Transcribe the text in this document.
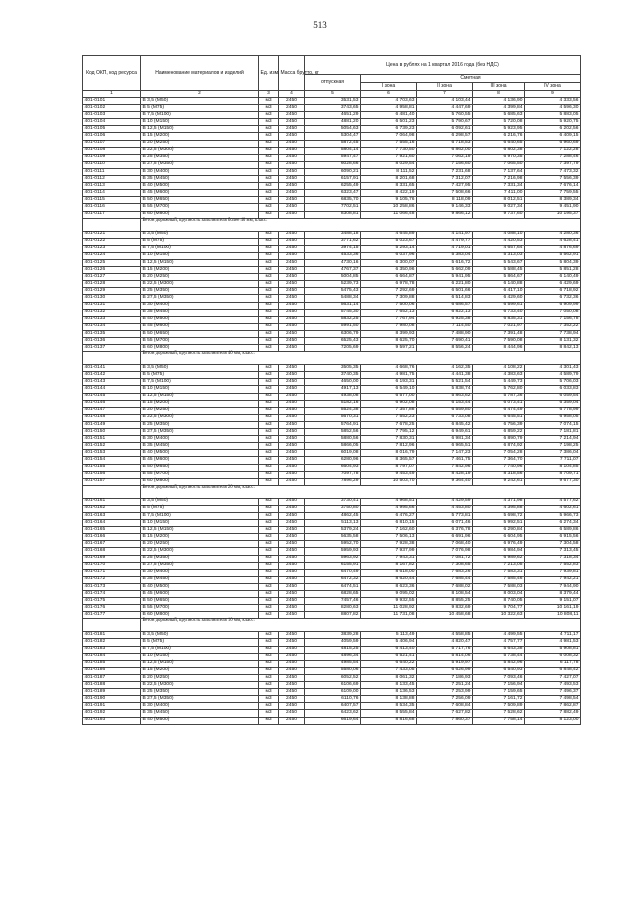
513
Код ОКП, код ресурса	Наименование материалов и изделий	Ед. изм.	Масса брутто, кг	Цена в рублях на 1 квартал 2016 года (без НДС)				
				отпускная	Сметная			
					I зона	II зона	III зона	IV зона
1	2	3	4	5	6	7	8	9
401-0101	В 3,5 (М50)	м3	2450	3531,53	4 703,63	4 103,44	4 136,90	4 333,56
401-0102	В 5 (М75)	м3	2450	3743,65	4 958,81	4 447,69	4 399,84	4 596,30
401-0103	В 7,5 (М100)	м3	2450	4651,29	6 481,40	5 760,55	5 685,63	5 883,05
401-0104	В 10 (М150)	м3	2450	4881,20	6 501,23	5 790,67	5 720,08	5 920,75
401-0105	В 12,5 (М150)	м3	2450	5054,63	6 739,23	6 092,61	5 923,95	6 202,56
401-0106	В 15 (М200)	м3	2450	5304,47	7 064,98	6 298,57	6 216,76	6 409,15
401-0107	В 20 (М250)	м3	2450	5872,45	7 555,16	6 718,53	6 640,65	6 960,69
401-0108	В 22,5 (М300)	м3	2450	5804,14	7 730,50	6 862,00	6 802,38	7 122,28
401-0109	В 25 (М350)	м3	2450	5947,47	7 921,60	7 062,19	6 970,35	7 288,46
401-0110	В 27,5 (М350)	м3	2450	6028,66	8 029,54	7 156,60	7 065,50	7 397,79
401-0111	В 30 (М400)	м3	2450	6090,21	8 111,52	7 231,68	7 137,64	7 473,32
401-0112	В 35 (М450)	м3	2450	6157,91	8 201,68	7 312,07	7 216,98	7 556,39
401-0113	В 40 (М500)	м3	2450	6255,49	8 331,65	7 427,95	7 331,34	7 676,14
401-0114	В 45 (М600)	м3	2450	6323,47	8 422,19	7 508,66	7 411,00	7 759,55
401-0115	В 50 (М650)	м3	2450	6835,70	9 105,76	8 118,09	8 012,51	8 389,34
401-0116	В 55 (М700)	м3	2450	7702,51	10 258,86	9 146,33	9 027,34	9 451,90
401-0117	В 60 (М800)	м3	2450	8308,81	11 066,48	9 866,12	9 737,60	10 195,37
	Бетон дорожный, крупность заполнителя более 40 мм, класс:							
401-0121	В 3,5 (М50)	м3	2450	3488,18	4 645,89	4 141,97	4 088,10	4 280,36
401-0122	В 5 (М75)	м3	2450	3771,62	5 023,67	4 479,77	4 420,53	4 628,41
401-0123	В 7,5 (М100)	м3	2450	3974,15	5 293,14	4 719,01	4 657,64	4 876,69
401-0124	В 10 (М150)	м3	2450	4533,36	6 037,96	5 383,04	5 313,03	5 562,91
401-0125	В 12,5 (М150)	м3	2450	4730,16	6 300,07	5 616,72	5 543,67	5 804,39
401-0126	В 15 (М200)	м3	2450	4767,37	6 350,96	5 662,09	5 588,45	5 851,28
401-0127	В 20 (М250)	м3	2450	5004,85	6 664,87	5 941,95	5 864,67	6 140,49
401-0128	В 22,5 (М300)	м3	2450	5239,73	6 978,78	6 221,80	6 140,88	6 429,69
401-0129	В 25 (М350)	м3	2450	5475,43	7 292,69	6 501,66	6 417,10	6 718,92
401-0130	В 27,5 (М350)	м3	2450	5488,34	7 309,88	6 514,83	6 429,60	6 732,36
401-0131	В 30 (М400)	м3	2450	5631,14	7 500,06	6 686,57	6 599,61	6 909,99
401-0132	В 35 (М450)	м3	2450	5745,30	7 652,13	6 822,13	6 733,40	7 050,08
401-0133	В 40 (М500)	м3	2450	5832,25	7 767,94	6 925,38	6 835,31	7 156,78
401-0134	В 45 (М600)	м3	2450	5991,50	7 980,08	7 114,50	7 021,97	7 352,22
401-0135	В 50 (М650)	м3	2450	6306,79	8 399,93	7 488,90	7 391,48	7 738,94
401-0136	В 55 (М700)	м3	2450	6525,43	8 625,70	7 690,41	7 590,08	8 131,32
401-0137	В 60 (М800)	м3	2450	7205,69	9 597,21	8 556,24	8 444,96	8 842,13
	Бетон дорожный, крупность заполнителя 40 мм, класс:							
401-0141	В 3,5 (М50)	м3	2450	3505,35	4 668,76	4 162,35	4 108,22	4 301,43
401-0142	В 5 (М75)	м3	2450	3740,35	4 981,75	4 441,38	4 383,63	4 589,79
401-0143	В 7,5 (М100)	м3	2450	4650,00	6 193,31	5 521,54	5 449,73	5 706,03
401-0144	В 10 (М150)	м3	2450	4917,13	6 549,10	5 838,74	5 762,80	6 033,83
401-0145	В 12,5 (М150)	м3	2450	4938,08	6 577,00	5 863,62	5 787,36	6 059,54
401-0146	В 15 (М200)	м3	2450	5182,16	6 902,08	6 153,44	6 073,41	6 359,04
401-0147	В 20 (М250)	м3	2450	5524,38	7 357,88	6 559,80	6 474,49	6 778,99
401-0148	В 22,5 (М300)	м3	2450	5670,31	7 552,23	6 733,08	6 645,51	6 958,05
401-0149	В 25 (М350)	м3	2450	5764,91	7 678,25	6 845,42	6 756,39	7 074,15
401-0150	В 27,5 (М350)	м3	2450	5852,56	7 795,12	6 949,61	6 859,22	7 181,81
401-0151	В 30 (М400)	м3	2450	5880,56	7 830,31	6 981,34	6 890,79	7 214,94
401-0152	В 35 (М450)	м3	2450	5866,05	7 812,96	6 965,51	6 874,92	7 198,25
401-0153	В 40 (М500)	м3	2450	6019,08	8 016,79	7 147,23	7 054,28	7 386,04
401-0154	В 45 (М600)	м3	2450	6280,96	8 365,57	7 461,75	7 364,70	7 711,07
401-0155	В 50 (М650)	м3	2450	6604,93	8 797,07	7 842,96	7 740,96	8 104,85
401-0156	В 55 (М700)	м3	2450	7097,78	9 453,49	8 428,19	8 318,56	8 709,71
401-0157	В 60 (М800)	м3	2450	7896,29	10 503,70	9 364,40	9 242,61	9 677,30
	Бетон дорожный, крупность заполнителя 20 мм, класс:							
401-0161	В 3,5 (М50)	м3	2450	3730,41	4 968,51	4 429,59	4 371,98	4 577,62
401-0162	В 5 (М75)	м3	2450	3750,80	4 995,66	4 453,80	4 395,88	4 602,61
401-0163	В 7,5 (М100)	м3	2450	4862,45	6 476,27	5 773,81	5 698,72	5 966,73
401-0164	В 10 (М150)	м3	2450	5113,13	6 810,15	6 071,46	5 992,51	6 274,34
401-0165	В 12,5 (М150)	м3	2450	5379,24	7 162,60	6 376,78	6 290,84	6 589,86
401-0166	В 15 (М200)	м3	2450	5635,58	7 506,13	6 691,96	6 604,95	6 915,56
401-0167	В 20 (М250)	м3	2450	5952,70	7 928,38	7 068,40	6 976,49	7 304,58
401-0168	В 22,5 (М300)	м3	2450	5959,93	7 937,99	7 076,98	6 984,94	7 313,45
401-0169	В 25 (М350)	м3	2450	5963,92	7 943,31	7 081,72	6 989,62	7 318,34
401-0170	В 27,5 (М350)	м3	2450	6155,91	8 167,82	7 308,65	7 213,05	7 552,83
401-0171	В 30 (М400)	м3	2450	6470,49	8 618,00	7 683,26	7 583,31	7 939,81
401-0172	В 35 (М450)	м3	2450	6472,32	8 620,44	7 685,44	7 585,46	7 942,21
401-0173	В 40 (М500)	м3	2450	6474,51	8 623,36	7 688,02	7 588,03	7 944,90
401-0174	В 45 (М600)	м3	2450	6828,65	9 095,02	8 108,54	8 003,04	8 379,44
401-0175	В 50 (М650)	м3	2450	7457,46	9 932,55	8 855,25	8 740,05	9 151,07
401-0176	В 55 (М700)	м3	2450	8280,63	11 028,92	9 832,69	9 704,77	10 161,19
401-0177	В 60 (М800)	м3	2450	8807,82	11 731,08	10 458,68	10 322,63	10 808,11
	Бетон дорожный, крупность заполнителя 10 мм, класс:							
401-0181	В 3,5 (М50)	м3	2450	3839,28	5 113,49	4 558,85	4 499,55	4 711,17
401-0182	В 5 (М75)	м3	2450	4059,59	5 406,94	4 820,47	4 757,77	4 981,53
401-0183	В 7,5 (М100)	м3	2450	4815,25	6 413,40	5 717,76	5 643,38	5 908,81
401-0184	В 10 (М150)	м3	2450	4896,34	6 521,41	5 814,06	5 738,44	6 008,32
401-0185	В 12,5 (М150)	м3	2450	4985,54	6 640,22	5 919,97	5 842,96	6 117,78
401-0186	В 15 (М200)	м3	2450	5580,06	7 433,05	6 626,99	6 540,93	6 848,42
401-0187	В 20 (М250)	м3	2450	6052,52	8 061,32	7 186,93	7 093,46	7 427,07
401-0188	В 22,5 (М300)	м3	2450	6106,69	8 133,45	7 251,24	7 156,94	7 493,53
401-0189	В 25 (М350)	м3	2450	6109,00	8 136,53	7 253,99	7 159,65	7 496,37
401-0190	В 27,5 (М350)	м3	2450	6110,76	8 138,88	7 256,09	7 161,72	7 498,54
401-0191	В 30 (М400)	м3	2450	6407,57	8 534,35	7 608,84	7 509,89	7 862,87
401-0192	В 35 (М450)	м3	2450	6423,62	8 555,84	7 627,82	7 528,62	7 882,49
401-0193	В 40 (М500)	м3	2450	6619,64	8 816,68	7 860,37	7 758,14	8 123,00
